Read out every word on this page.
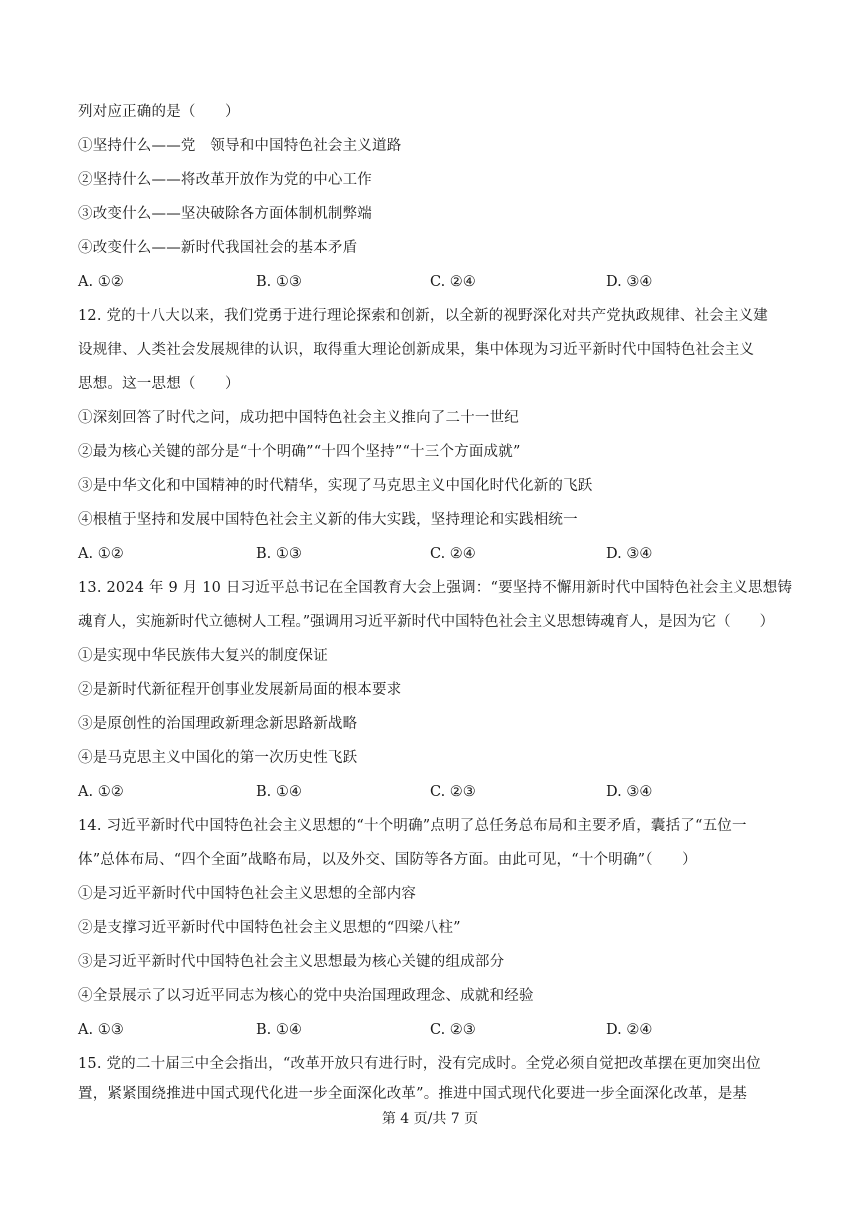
列对应正确的是（　　）
①坚持什么——党　领导和中国特色社会主义道路
②坚持什么——将改革开放作为党的中心工作
③改变什么——坚决破除各方面体制机制弊端
④改变什么——新时代我国社会的基本矛盾
A. ①②	B. ①③	C. ②④	D. ③④
12. 党的十八大以来，我们党勇于进行理论探索和创新，以全新的视野深化对共产党执政规律、社会主义建
设规律、人类社会发展规律的认识，取得重大理论创新成果，集中体现为习近平新时代中国特色社会主义
思想。这一思想（　　）
①深刻回答了时代之问，成功把中国特色社会主义推向了二十一世纪
②最为核心关键的部分是“十个明确”“十四个坚持”“十三个方面成就”
③是中华文化和中国精神的时代精华，实现了马克思主义中国化时代化新的飞跃
④根植于坚持和发展中国特色社会主义新的伟大实践，坚持理论和实践相统一
A. ①②	B. ①③	C. ②④	D. ③④
13. 2024 年 9 月 10 日习近平总书记在全国教育大会上强调：“要坚持不懈用新时代中国特色社会主义思想铸
魂育人，实施新时代立德树人工程。”强调用习近平新时代中国特色社会主义思想铸魂育人，是因为它（　　）
①是实现中华民族伟大复兴的制度保证
②是新时代新征程开创事业发展新局面的根本要求
③是原创性的治国理政新理念新思路新战略
④是马克思主义中国化的第一次历史性飞跃
A. ①②	B. ①④	C. ②③	D. ③④
14. 习近平新时代中国特色社会主义思想的“十个明确”点明了总任务总布局和主要矛盾，囊括了“五位一
体”总体布局、“四个全面”战略布局，以及外交、国防等各方面。由此可见，“十个明确”（　　）
①是习近平新时代中国特色社会主义思想的全部内容
②是支撑习近平新时代中国特色社会主义思想的“四梁八柱”
③是习近平新时代中国特色社会主义思想最为核心关键的组成部分
④全景展示了以习近平同志为核心的党中央治国理政理念、成就和经验
A. ①③	B. ①④	C. ②③	D. ②④
15. 党的二十届三中全会指出，“改革开放只有进行时，没有完成时。全党必须自觉把改革摆在更加突出位
置，紧紧围绕推进中国式现代化进一步全面深化改革”。推进中国式现代化要进一步全面深化改革，是基
第 4 页/共 7 页
